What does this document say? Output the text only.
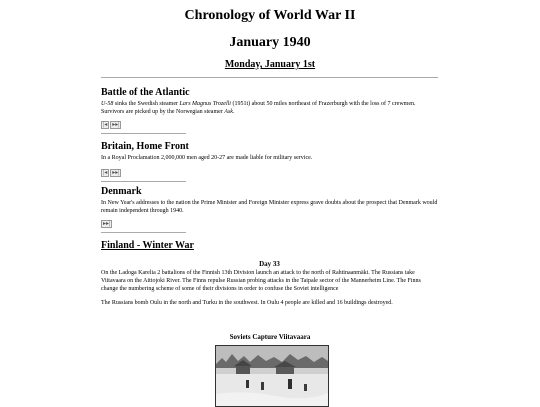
Chronology of World War II
January 1940
Monday, January 1st
Battle of the Atlantic

U-58 sinks the Swedish steamer Lars Magnus Trozelli (1951t) about 50 miles northeast of Frazerburgh with the loss of 7 crewmen. Survivors are picked up by the Norwegian steamer Ask.

|◂ ▸▸|
Britain, Home Front

In a Royal Proclamation 2,000,000 men aged 20-27 are made liable for military service.

|◂ ▸▸|
Denmark

In New Year's addresses to the nation the Prime Minister and Foreign Minister express grave doubts about the prospect that Denmark would remain independent through 1940.

▸▸|
Finland - Winter War

Day 33

On the Ladoga Karelia 2 battalions of the Finnish 13th Division launch an attack to the north of Rahtinaanmäki. The Russians take Viitavaara on the Aittojoki River. The Finns repulse Russian probing attacks in the Taipale sector of the Mannerheim Line. The Finns change the numbering scheme of some of their divisions in order to confuse the Soviet intelligence

The Russians bomb Oulu in the north and Turku in the southwest. In Oulu 4 people are killed and 16 buildings destroyed.

Soviets Capture Viitavaara
